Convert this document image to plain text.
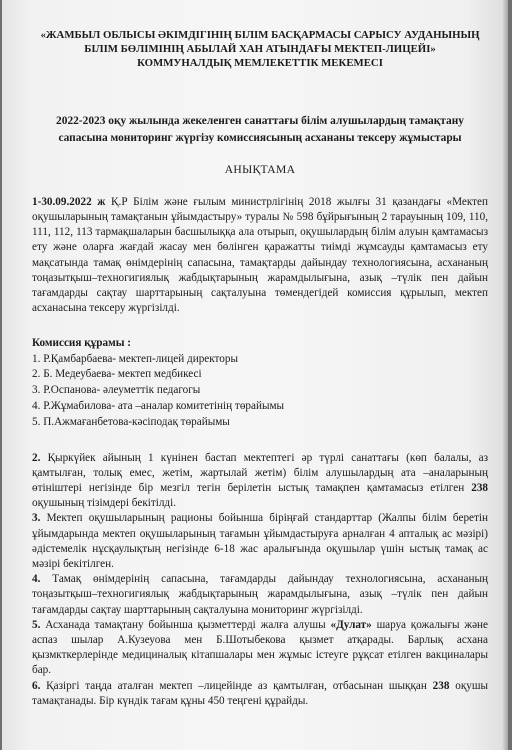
«ЖАМБЫЛ ОБЛЫСЫ ӘКІМДІГІНІҢ БІЛІМ БАСҚАРМАСЫ САРЫСУ АУДАНЫНЫҢ
БІЛІМ БӨЛІМІНІҢ АБЫЛАЙ ХАН АТЫНДАҒЫ МЕКТЕП-ЛИЦЕЙІ»
КОММУНАЛДЫҚ МЕМЛЕКЕТТІК МЕКЕМЕСІ
2022-2023 оқу жылында жекеленген санаттағы білім алушылардың тамақтану
сапасына мониторинг жүргізу комиссиясының асхананы тексеру жұмыстары
АНЫҚТАМА

1-30.09.2022 ж Қ.Р Білім және ғылым министрлігінің 2018 жылғы 31 қазандағы «Мектеп оқушыларының тамақтанын ұйымдастыру» туралы № 598 бұйрығының 2 тарауының 109, 110, 111, 112, 113 тармақшаларын басшылыққа ала отырып, оқушылардың білім алуын қамтамасыз ету және оларға жағдай жасау мен бөлінген қаражатты тиімді жұмсауды қамтамасыз ету мақсатында тамақ өнімдерінің сапасына, тамақтарды дайындау технологиясына, асхананың тоңазытқыш–техногигиялық жабдықтарының жарамдылығына, азық –түлік пен дайын тағамдарды сақтау шарттарының сақталуына төмендегідей комиссия құрылып, мектеп асханасына тексеру жүргізілді.

Комиссия құрамы :
1. Р.Қамбарбаева- мектеп-лицей директоры
2. Б. Медеубаева- мектеп медбикесі
3. Р.Оспанова- әлеуметтік педагогы
4. Р.Жұмабилова- ата –аналар комитетінің төрайымы
5. П.Ажмағанбетова-кәсіподақ төрайымы

2. Қыркүйек айының 1 күнінен бастап мектептегі әр түрлі санаттағы (көп балалы, аз қамтылған, толық емес, жетім, жартылай жетім) білім алушылардың ата –аналарының өтініштері негізінде бір мезгіл тегін берілетін ыстық тамақпен қамтамасыз етілген 238 оқушының тізімдері бекітілді.

3. Мектеп оқушыларының рационы бойынша біріңғай стандарттар (Жалпы білім беретін ұйымдарында мектеп оқушыларының тағамын ұйымдастыруға арналған 4 апталық ас мәзірі) әдістемелік нұсқаулықтың негізінде 6-18 жас аралығында оқушылар үшін ыстық тамақ ас мәзірі бекітілген.

4. Тамақ өнімдерінің сапасына, тағамдарды дайындау технологиясына, асхананың тоңазытқыш–техногигиялық жабдықтарының жарамдылығына, азық –түлік пен дайын тағамдарды сақтау шарттарының сақталуына мониторинг жүргізілді.

5. Асханада тамақтану бойынша қызметтерді жалға алушы «Дулат» шаруа қожалығы және аспаз шылар А.Кузеуова мен Б.Шотыбекова қызмет атқарады. Барлық асхана қызмкткерлерінде медициналық кітапшалары мен жұмыс істеуге рұқсат етілген вакциналары бар.

6. Қазіргі таңда аталған мектеп –лицейінде аз қамтылған, отбасынан шыққан 238 оқушы тамақтанады. Бір күндік тағам құны 450 теңгені құрайды.
